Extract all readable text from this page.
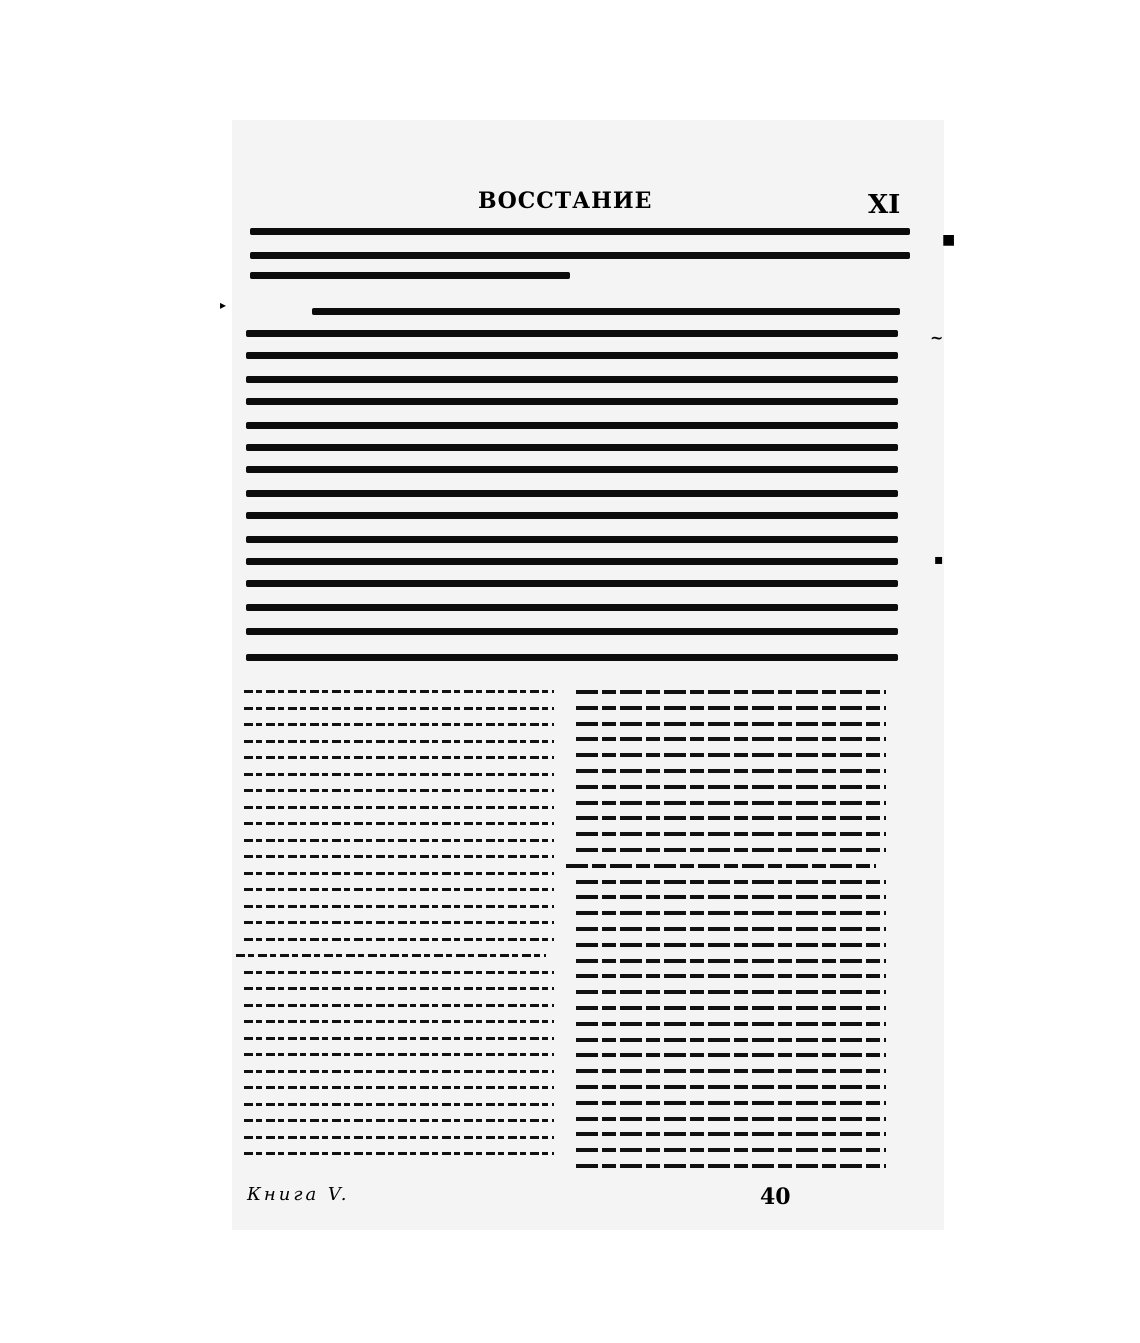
ВОССТАНИЕ	XI
■
▸
~
▪
Книга V.	40
